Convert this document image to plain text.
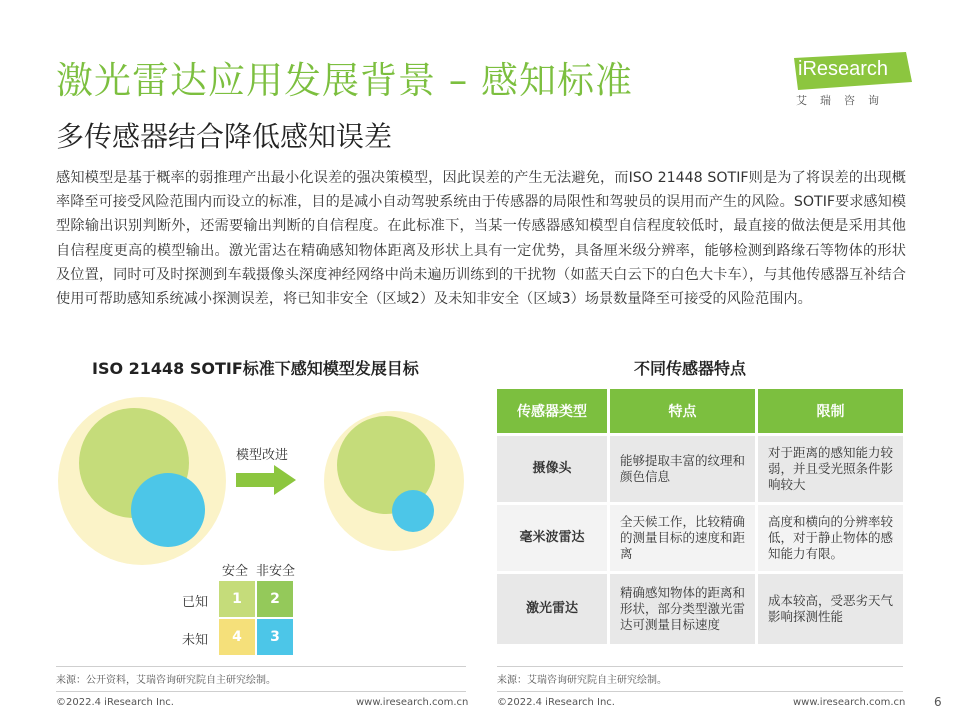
激光雷达应用发展背景 – 感知标准
多传感器结合降低感知误差
iResearch
艾瑞咨询
感知模型是基于概率的弱推理产出最小化误差的强决策模型，因此误差的产生无法避免，而ISO 21448 SOTIF则是为了将误差的出现概率降至可接受风险范围内而设立的标准，目的是减小自动驾驶系统由于传感器的局限性和驾驶员的误用而产生的风险。SOTIF要求感知模型除输出识别判断外，还需要输出判断的自信程度。在此标准下，当某一传感器感知模型自信程度较低时，最直接的做法便是采用其他自信程度更高的模型输出。激光雷达在精确感知物体距离及形状上具有一定优势，具备厘米级分辨率，能够检测到路缘石等物体的形状及位置，同时可及时探测到车载摄像头深度神经网络中尚未遍历训练到的干扰物（如蓝天白云下的白色大卡车），与其他传感器互补结合使用可帮助感知系统减小探测误差，将已知非安全（区域2）及未知非安全（区域3）场景数量降至可接受的风险范围内。
ISO 21448 SOTIF标准下感知模型发展目标
模型改进
安全 非安全
已知
未知
1	2
4	3
来源：公开资料，艾瑞咨询研究院自主研究绘制。
不同传感器特点
传感器类型	特点	限制
摄像头	能够提取丰富的纹理和颜色信息	对于距离的感知能力较弱，并且受光照条件影响较大
毫米波雷达	全天候工作，比较精确的测量目标的速度和距离	高度和横向的分辨率较低，对于静止物体的感知能力有限。
激光雷达	精确感知物体的距离和形状，部分类型激光雷达可测量目标速度	成本较高，受恶劣天气影响探测性能
来源：艾瑞咨询研究院自主研究绘制。
©2022.4 iResearch Inc.	www.iresearch.com.cn	©2022.4 iResearch Inc.	www.iresearch.com.cn 6
